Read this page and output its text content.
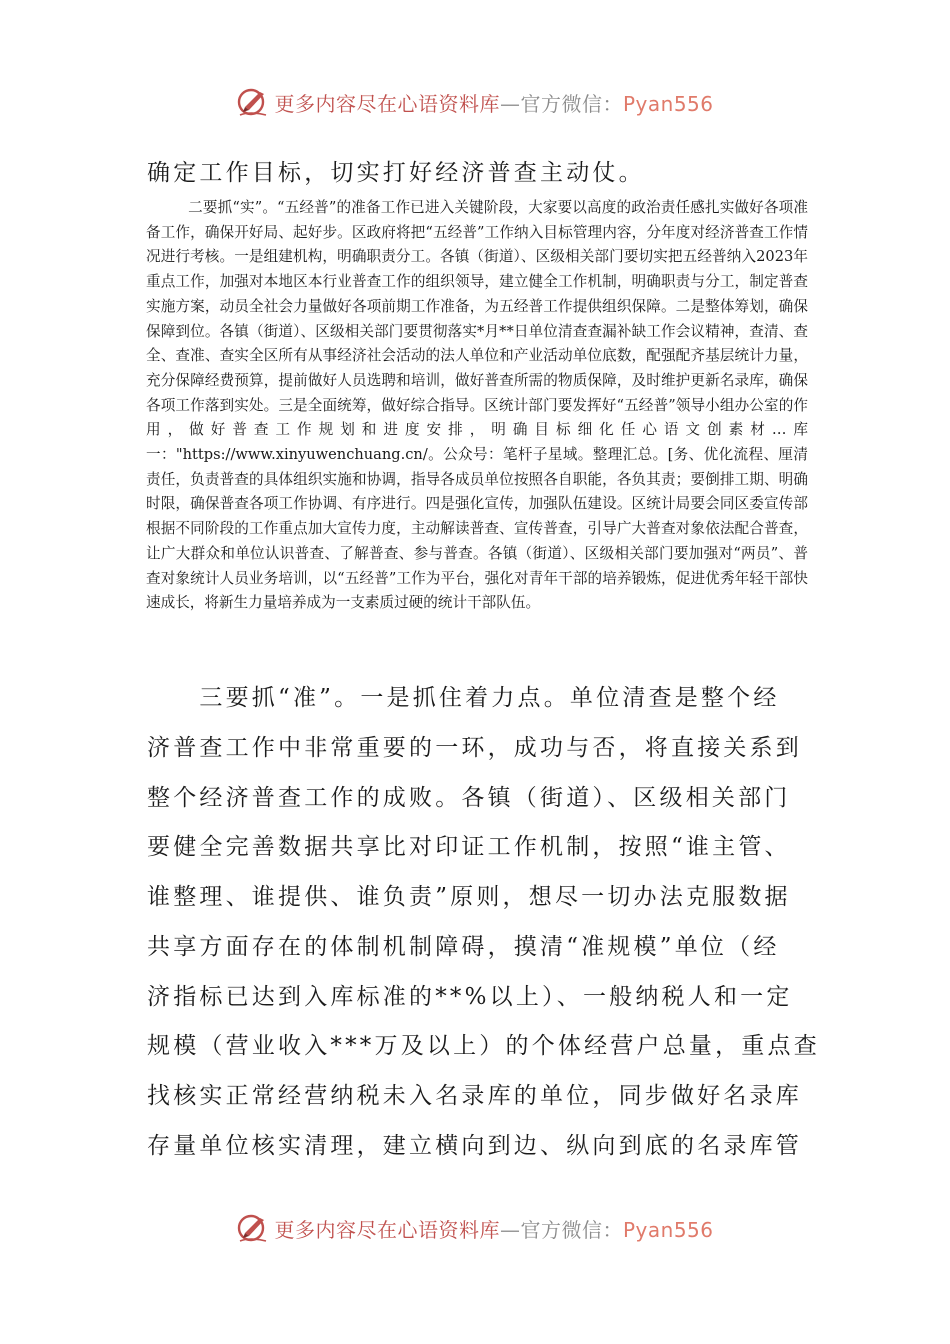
更多内容尽在心语资料库—官方微信：Pyan556
确定工作目标，切实打好经济普查主动仗。

二要抓“实”。“五经普”的准备工作已进入关键阶段，大家要以高度的政治责任感扎实做好各项准备工作，确保开好局、起好步。区政府将把“五经普”工作纳入目标管理内容，分年度对经济普查工作情况进行考核。一是组建机构，明确职责分工。各镇（街道）、区级相关部门要切实把五经普纳入2023年重点工作，加强对本地区本行业普查工作的组织领导，建立健全工作机制，明确职责与分工，制定普查实施方案，动员全社会力量做好各项前期工作准备，为五经普工作提供组织保障。二是整体筹划，确保保障到位。各镇（街道）、区级相关部门要贯彻落实*月**日单位清查查漏补缺工作会议精神，查清、查全、查准、查实全区所有从事经济社会活动的法人单位和产业活动单位底数，配强配齐基层统计力量，充分保障经费预算，提前做好人员选聘和培训，做好普查所需的物质保障，及时维护更新名录库，确保各项工作落到实处。三是全面统筹，做好综合指导。区统计部门要发挥好“五经普”领导小组办公室的作用，做好普查工作规划和进度安排，明确目标细化任心语文创素材…库一："https://www.xinyuwenchuang.cn/。公众号：笔杆子星域。整理汇总。[务、优化流程、厘清责任，负责普查的具体组织实施和协调，指导各成员单位按照各自职能，各负其责；要倒排工期、明确时限，确保普查各项工作协调、有序进行。四是强化宣传，加强队伍建设。区统计局要会同区委宣传部根据不同阶段的工作重点加大宣传力度，主动解读普查、宣传普查，引导广大普查对象依法配合普查，让广大群众和单位认识普查、了解普查、参与普查。各镇（街道）、区级相关部门要加强对“两员”、普查对象统计人员业务培训，以“五经普”工作为平台，强化对青年干部的培养锻炼，促进优秀年轻干部快速成长，将新生力量培养成为一支素质过硬的统计干部队伍。

　　三要抓“准”。一是抓住着力点。单位清查是整个经
济普查工作中非常重要的一环，成功与否，将直接关系到
整个经济普查工作的成败。各镇（街道）、区级相关部门
要健全完善数据共享比对印证工作机制，按照“谁主管、
谁整理、谁提供、谁负责”原则，想尽一切办法克服数据
共享方面存在的体制机制障碍，摸清“准规模”单位（经
济指标已达到入库标准的**%以上）、一般纳税人和一定
规模（营业收入***万及以上）的个体经营户总量，重点查
找核实正常经营纳税未入名录库的单位，同步做好名录库
存量单位核实清理，建立横向到边、纵向到底的名录库管
更多内容尽在心语资料库—官方微信：Pyan556
